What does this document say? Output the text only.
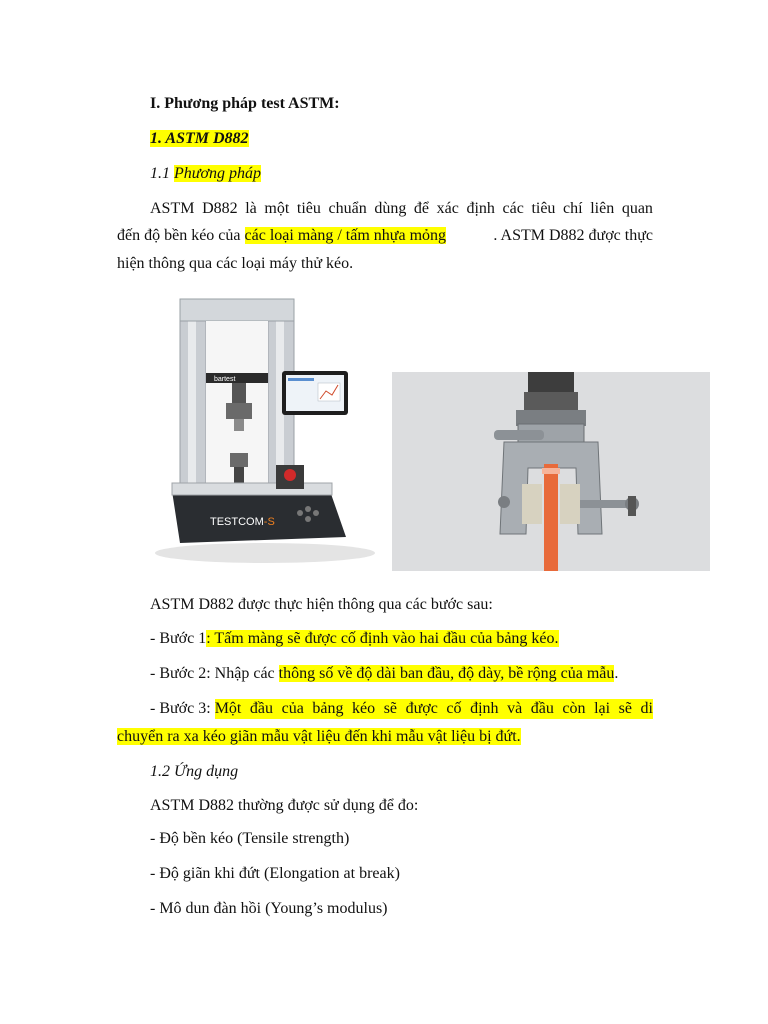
I. Phương pháp test ASTM:
1. ASTM D882
1.1 Phương pháp
ASTM D882 là một tiêu chuẩn dùng để xác định các tiêu chí liên quan
đến độ bền kéo của các loại màng / tấm nhựa mỏng	. ASTM D882 được thực
hiện thông qua các loại máy thử kéo.
bartest
TESTCOM-S
ASTM D882 được thực hiện thông qua các bước sau:
- Bước 1: Tấm màng sẽ được cố định vào hai đầu của bảng kéo.
- Bước 2: Nhập các thông số về độ dài ban đầu, độ dày, bề rộng của mẫu.
- Bước 3: Một đầu của bảng kéo sẽ được cố định và đầu còn lại sẽ di
chuyển ra xa kéo giãn mẫu vật liệu đến khi mẫu vật liệu bị đứt.
1.2 Ứng dụng
ASTM D882 thường được sử dụng để đo:
- Độ bền kéo (Tensile strength)
- Độ giãn khi đứt (Elongation at break)
- Mô dun đàn hồi (Young’s modulus)
